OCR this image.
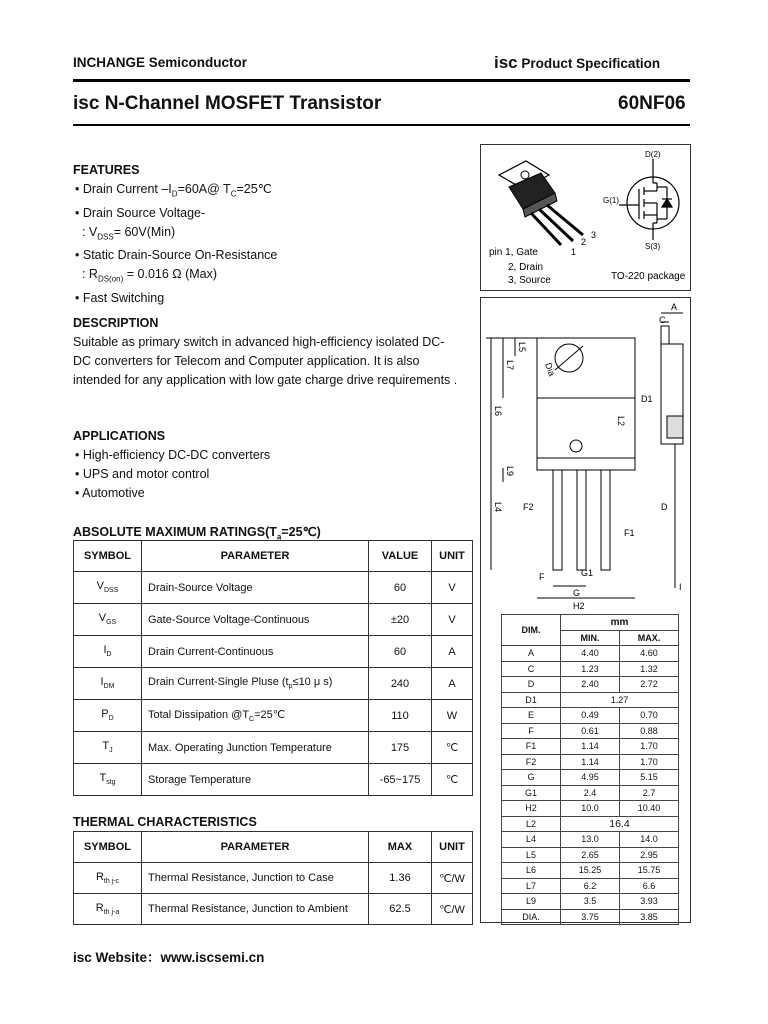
INCHANGE Semiconductor	isc Product Specification
isc N-Channel MOSFET Transistor	60NF06
FEATURES
• Drain Current $-I_D=60A@$ $T_C=25℃$
• Drain Source Voltage-
: $V_{DSS}= 60V(Min)$
• Static Drain-Source On-Resistance
: $R_{DS(on)} = 0.016$ Ω (Max)
• Fast Switching
DESCRIPTION
Suitable as primary switch in advanced high-efficiency isolated DC-DC converters for Telecom and Computer application. It is also intended for any application with low gate charge drive requirements .
APPLICATIONS
• High-efficiency DC-DC converters
• UPS and motor control
• Automotive
ABSOLUTE MAXIMUM $RATINGS(T_a=25℃)$
SYMBOL	PARAMETER	VALUE	UNIT
$V_{DSS}$	Drain-Source Voltage	60	V
$V_{GS}$	Gate-Source Voltage-Continuous	±20	V
$I_D$	Drain Current-Continuous	60	A
$I_{DM}$	Drain Current-Single Pluse ($t_p\le 10$ μ s)	240	A
$P_D$	Total Dissipation $@T_C=25℃$	110	W
$T_J$	Max. Operating Junction Temperature	175	℃
$T_{stg}$	Storage Temperature	-65~175	℃
THERMAL CHARACTERISTICS
SYMBOL	PARAMETER	MAX	UNIT
$R_{th j-c}$	Thermal Resistance, Junction to Case	1.36	℃/W
$R_{th j-a}$	Thermal Resistance, Junction to Ambient	62.5	℃/W
1
2
3
pin 1, Gate
2, Drain
3, Source	TO-220 package
D(2)
G(1)
S(3)
A
C
D1
D
F1
F2
F	G1
G
H2
I
L2
L5
L7
L6
L9
L4
Dia
DIM.	mm	
	MIN.	MAX.
A	4.40	4.60
C	1.23	1.32
D	2.40	2.72
D1	1.27	
E	0.49	0.70
F	0.61	0.88
F1	1.14	1.70
F2	1.14	1.70
G	4.95	5.15
G1	2.4	2.7
H2	10.0	10.40
L2	16.4	
L4	13.0	14.0
L5	2.65	2.95
L6	15.25	15.75
L7	6.2	6.6
L9	3.5	3.93
DIA.	3.75	3.85
isc Website：www.iscsemi.cn
